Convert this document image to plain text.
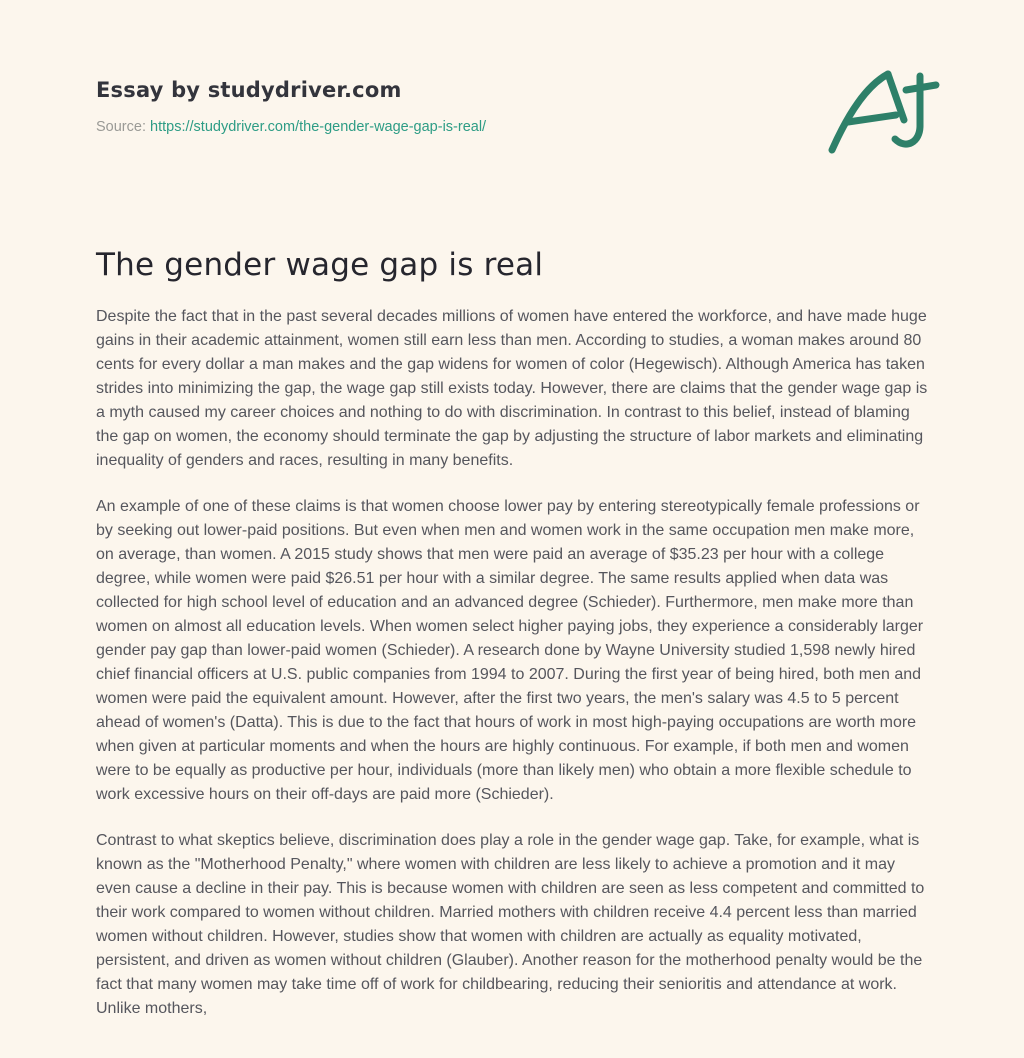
Essay by studydriver.com
Source: https://studydriver.com/the-gender-wage-gap-is-real/
The gender wage gap is real

Despite the fact that in the past several decades millions of women have entered the workforce, and have made huge gains in their academic attainment, women still earn less than men. According to studies, a woman makes around 80 cents for every dollar a man makes and the gap widens for women of color (Hegewisch). Although America has taken strides into minimizing the gap, the wage gap still exists today. However, there are claims that the gender wage gap is a myth caused my career choices and nothing to do with discrimination. In contrast to this belief, instead of blaming the gap on women, the economy should terminate the gap by adjusting the structure of labor markets and eliminating inequality of genders and races, resulting in many benefits.

An example of one of these claims is that women choose lower pay by entering stereotypically female professions or by seeking out lower-paid positions. But even when men and women work in the same occupation men make more, on average, than women. A 2015 study shows that men were paid an average of $35.23 per hour with a college degree, while women were paid $26.51 per hour with a similar degree. The same results applied when data was collected for high school level of education and an advanced degree (Schieder). Furthermore, men make more than women on almost all education levels. When women select higher paying jobs, they experience a considerably larger gender pay gap than lower-paid women (Schieder). A research done by Wayne University studied 1,598 newly hired chief financial officers at U.S. public companies from 1994 to 2007. During the first year of being hired, both men and women were paid the equivalent amount. However, after the first two years, the men's salary was 4.5 to 5 percent ahead of women's (Datta). This is due to the fact that hours of work in most high-paying occupations are worth more when given at particular moments and when the hours are highly continuous. For example, if both men and women were to be equally as productive per hour, individuals (more than likely men) who obtain a more flexible schedule to work excessive hours on their off-days are paid more (Schieder).

Contrast to what skeptics believe, discrimination does play a role in the gender wage gap. Take, for example, what is known as the "Motherhood Penalty," where women with children are less likely to achieve a promotion and it may even cause a decline in their pay. This is because women with children are seen as less competent and committed to their work compared to women without children. Married mothers with children receive 4.4 percent less than married women without children. However, studies show that women with children are actually as equality motivated, persistent, and driven as women without children (Glauber). Another reason for the motherhood penalty would be the fact that many women may take time off of work for childbearing, reducing their senioritis and attendance at work. Unlike mothers,
